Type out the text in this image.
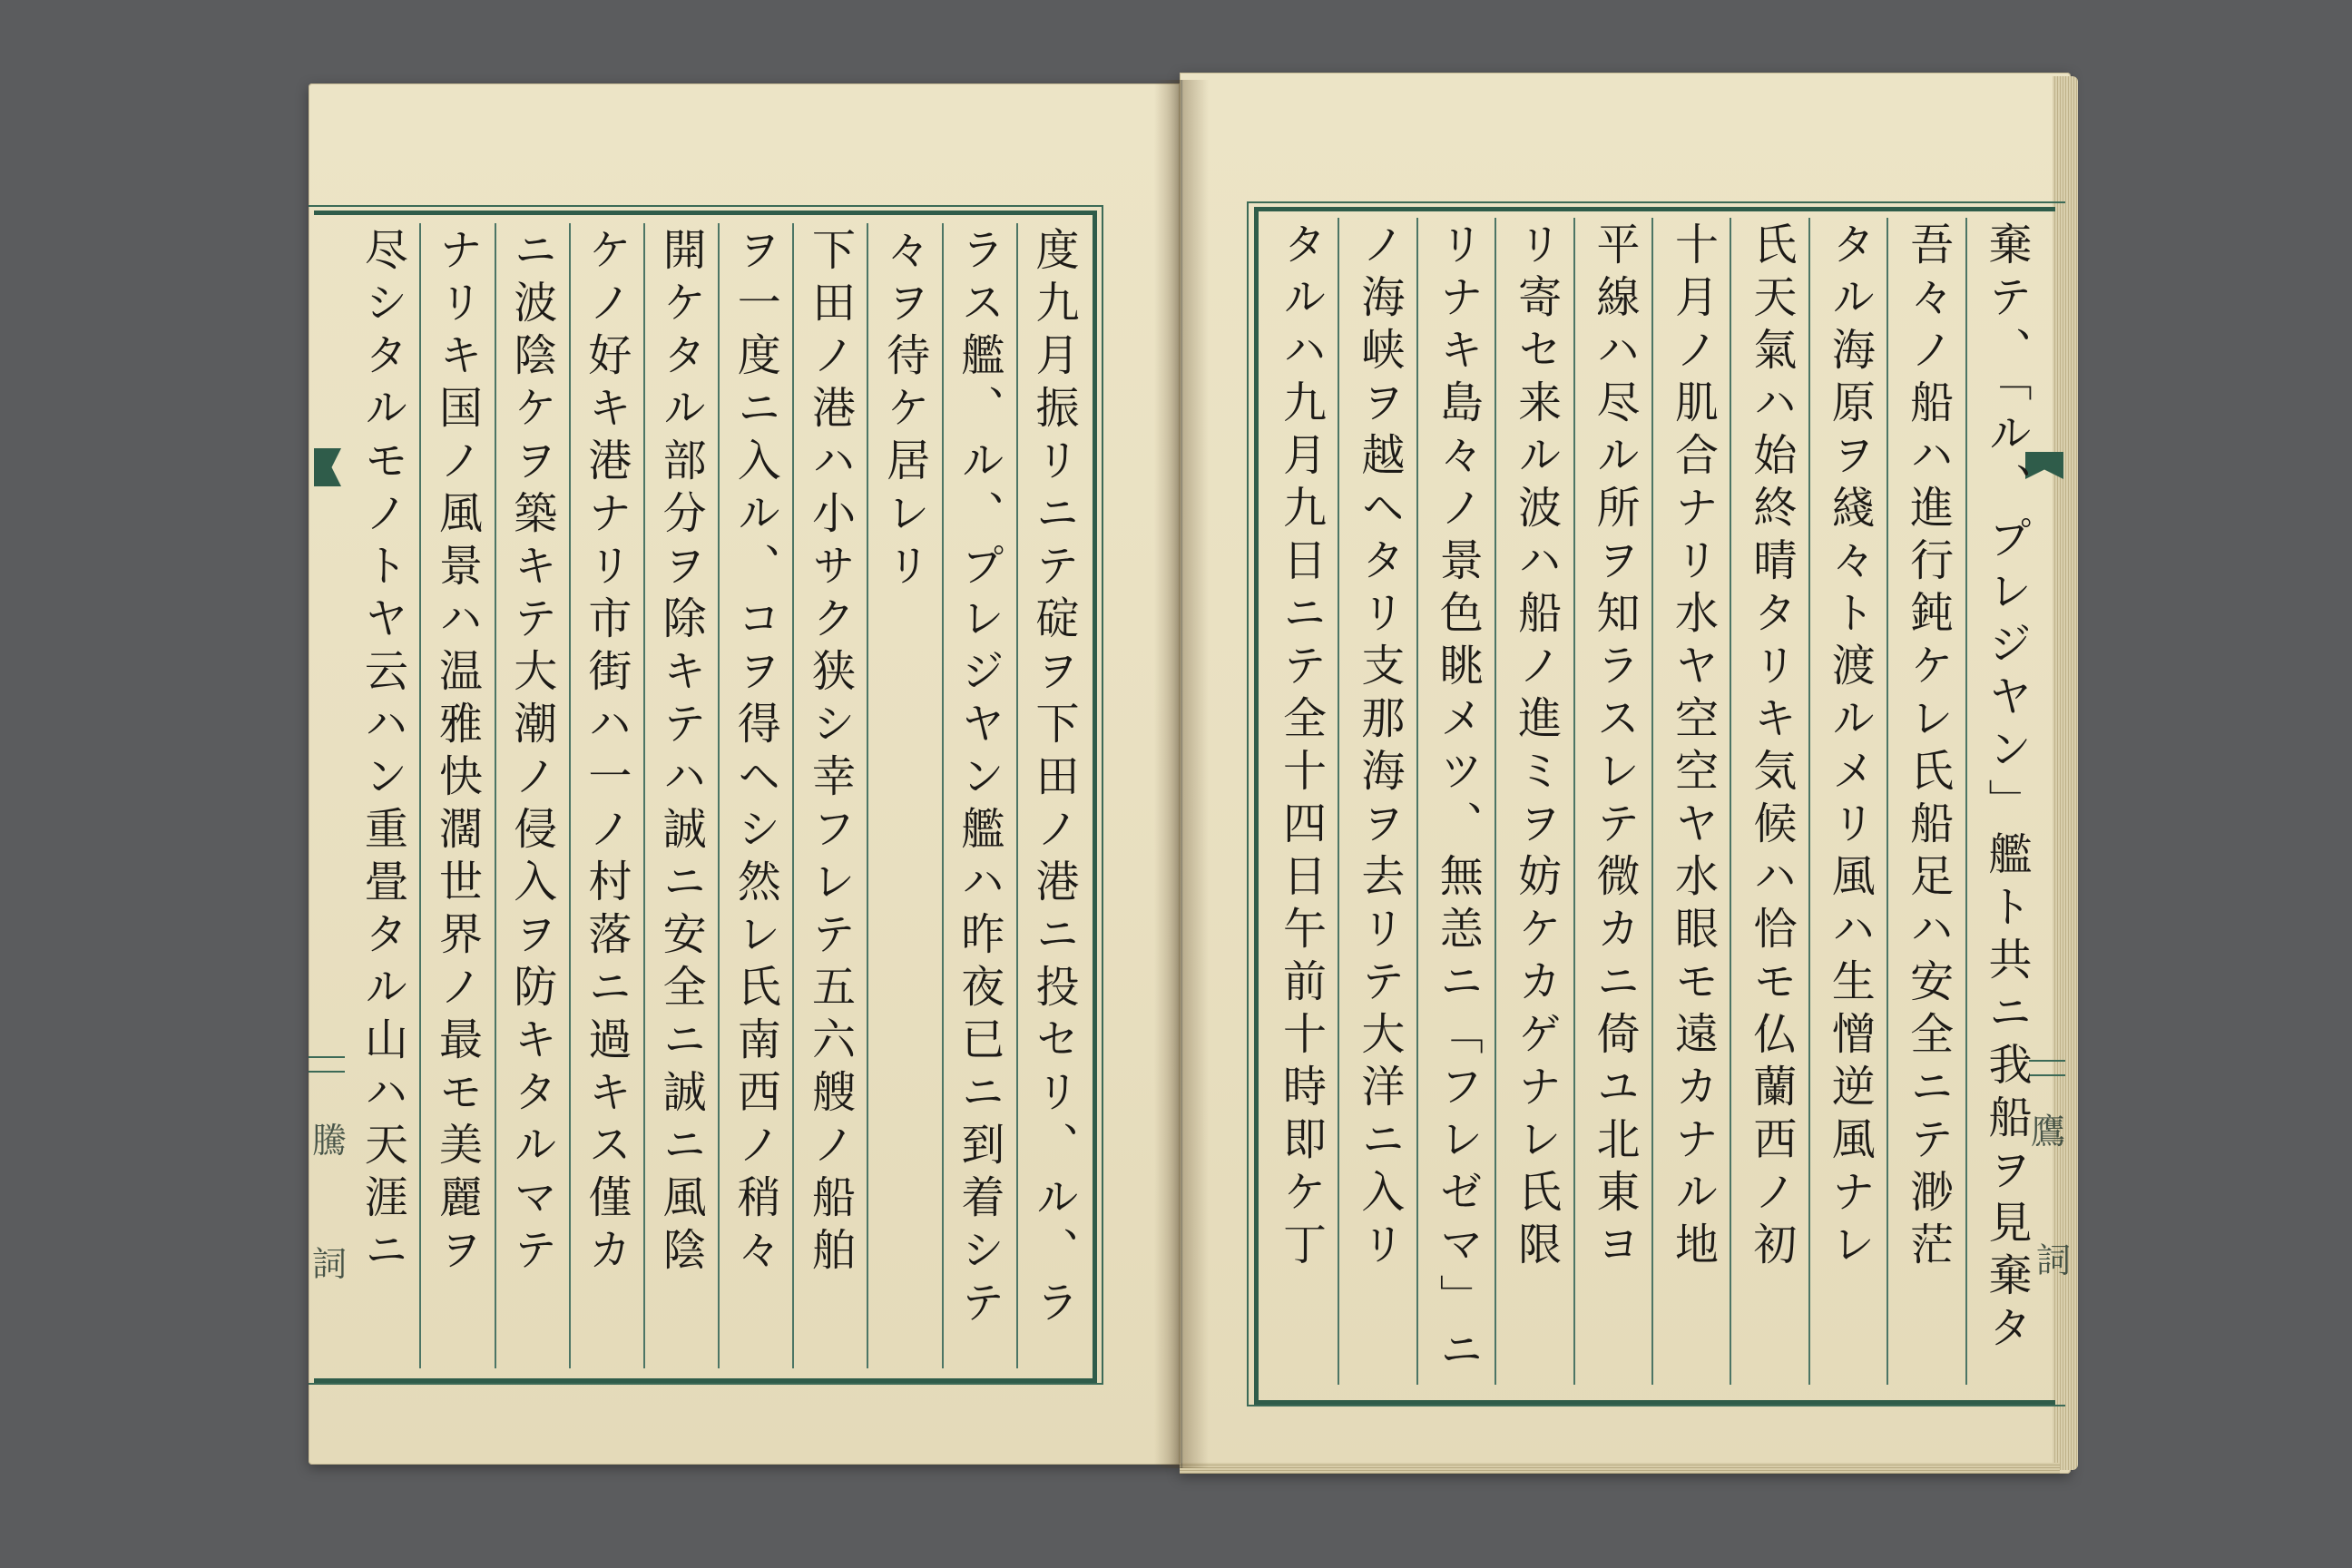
騰
詞
鷹
詞
度九月振リニテ碇ヲ下田ノ港ニ投セリ、ル、ラ
ラス艦、ル、プレジヤン艦ハ昨夜已ニ到着シテ
々ヲ待ケ居レリ
下田ノ港ハ小サク狭シ幸フレテ五六艘ノ船舶
ヲ一度ニ入ル、コヲ得ヘシ然レ氏南西ノ稍々
開ケタル部分ヲ除キテハ誠ニ安全ニ誠ニ風陰
ケノ好キ港ナリ市街ハ一ノ村落ニ過キス僅カ
ニ波陰ケヲ築キテ大潮ノ侵入ヲ防キタルマテ
ナリキ国ノ風景ハ温雅快濶世界ノ最モ美麗ヲ
尽シタルモノトヤ云ハン重畳タル山ハ天涯ニ	棄テ、「ル、プレジヤン」艦ト共ニ我船ヲ見棄タ
吾々ノ船ハ進行鈍ケレ氏船足ハ安全ニテ渺茫
タル海原ヲ綫々ト渡ルメリ風ハ生憎逆風ナレ
氏天氣ハ始終晴タリキ気候ハ恰モ仏蘭西ノ初
十月ノ肌合ナリ水ヤ空空ヤ水眼モ遠カナル地
平線ハ尽ル所ヲ知ラスレテ微カニ倚ユ北東ヨ
リ寄セ来ル波ハ船ノ進ミヲ妨ケカゲナレ氏限
リナキ島々ノ景色眺メツ、無恙ニ「フレゼマ」ニ
ノ海峡ヲ越ヘタリ支那海ヲ去リテ大洋ニ入リ
タルハ九月九日ニテ全十四日午前十時即ケ丁
